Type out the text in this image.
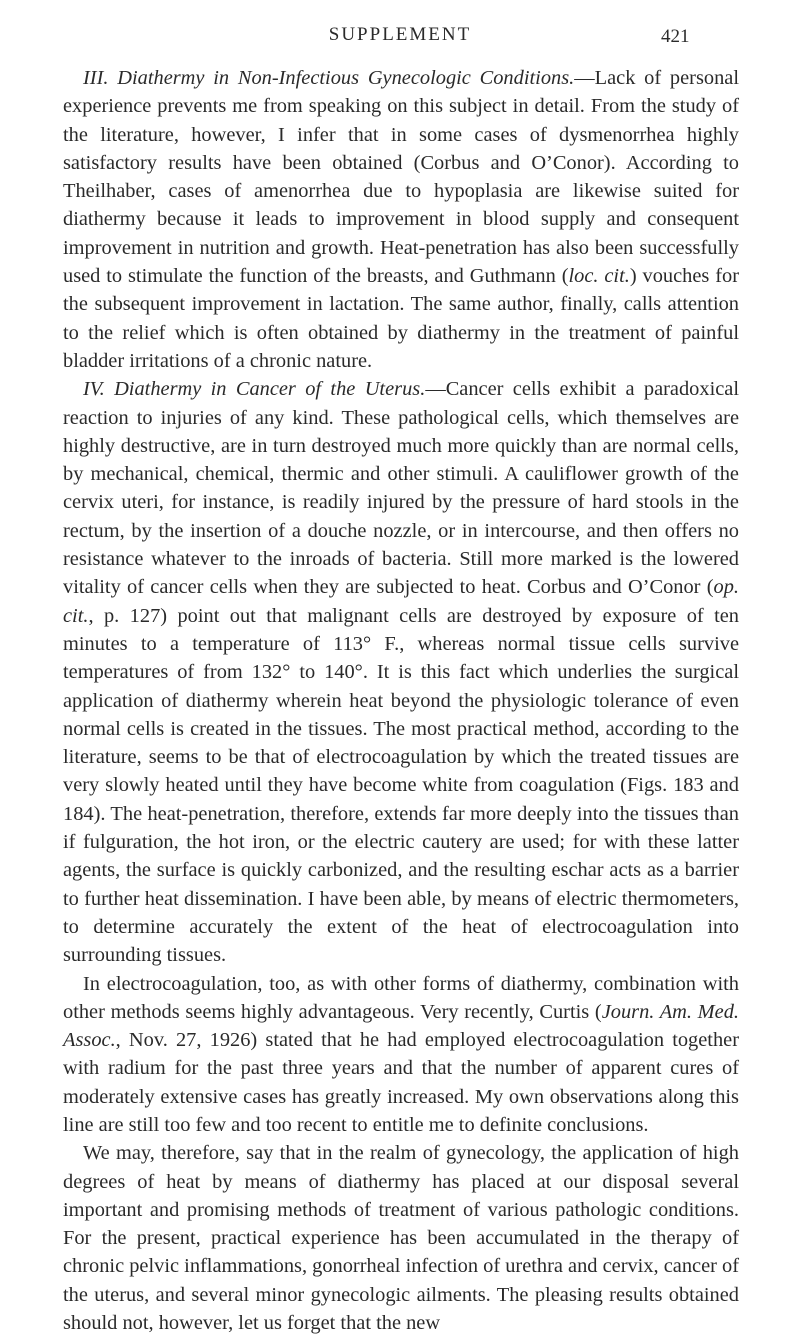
SUPPLEMENT	421

III. Diathermy in Non-Infectious Gynecologic Conditions.—Lack of personal experience prevents me from speaking on this subject in detail. From the study of the literature, however, I infer that in some cases of dysmenorrhea highly satisfactory results have been obtained (Corbus and O’Conor). According to Theilhaber, cases of amenorrhea due to hypoplasia are likewise suited for diathermy because it leads to improvement in blood supply and consequent improvement in nutrition and growth. Heat-penetration has also been successfully used to stimulate the function of the breasts, and Guthmann (loc. cit.) vouches for the subsequent improvement in lactation. The same author, finally, calls attention to the relief which is often obtained by diathermy in the treatment of painful bladder irritations of a chronic nature.

IV. Diathermy in Cancer of the Uterus.—Cancer cells exhibit a paradoxical reaction to injuries of any kind. These pathological cells, which themselves are highly destructive, are in turn destroyed much more quickly than are normal cells, by mechanical, chemical, thermic and other stimuli. A cauliflower growth of the cervix uteri, for instance, is readily injured by the pressure of hard stools in the rectum, by the insertion of a douche nozzle, or in intercourse, and then offers no resistance whatever to the inroads of bacteria. Still more marked is the lowered vitality of cancer cells when they are subjected to heat. Corbus and O’Conor (op. cit., p. 127) point out that malignant cells are destroyed by exposure of ten minutes to a temperature of 113° F., whereas normal tissue cells survive temperatures of from 132° to 140°. It is this fact which underlies the surgical application of diathermy wherein heat beyond the physiologic tolerance of even normal cells is created in the tissues. The most practical method, according to the literature, seems to be that of electrocoagulation by which the treated tissues are very slowly heated until they have become white from coagulation (Figs. 183 and 184). The heat-penetration, therefore, extends far more deeply into the tissues than if fulguration, the hot iron, or the electric cautery are used; for with these latter agents, the surface is quickly carbonized, and the resulting eschar acts as a barrier to further heat dissemination. I have been able, by means of electric thermometers, to determine accurately the extent of the heat of electrocoagulation into surrounding tissues.

In electrocoagulation, too, as with other forms of diathermy, combination with other methods seems highly advantageous. Very recently, Curtis (Journ. Am. Med. Assoc., Nov. 27, 1926) stated that he had employed electrocoagulation together with radium for the past three years and that the number of apparent cures of moderately extensive cases has greatly increased. My own observations along this line are still too few and too recent to entitle me to definite conclusions.

We may, therefore, say that in the realm of gynecology, the application of high degrees of heat by means of diathermy has placed at our disposal several important and promising methods of treatment of various pathologic conditions. For the present, practical experience has been accumulated in the therapy of chronic pelvic inflammations, gonorrheal infection of urethra and cervix, cancer of the uterus, and several minor gynecologic ailments. The pleasing results obtained should not, however, let us forget that the new
